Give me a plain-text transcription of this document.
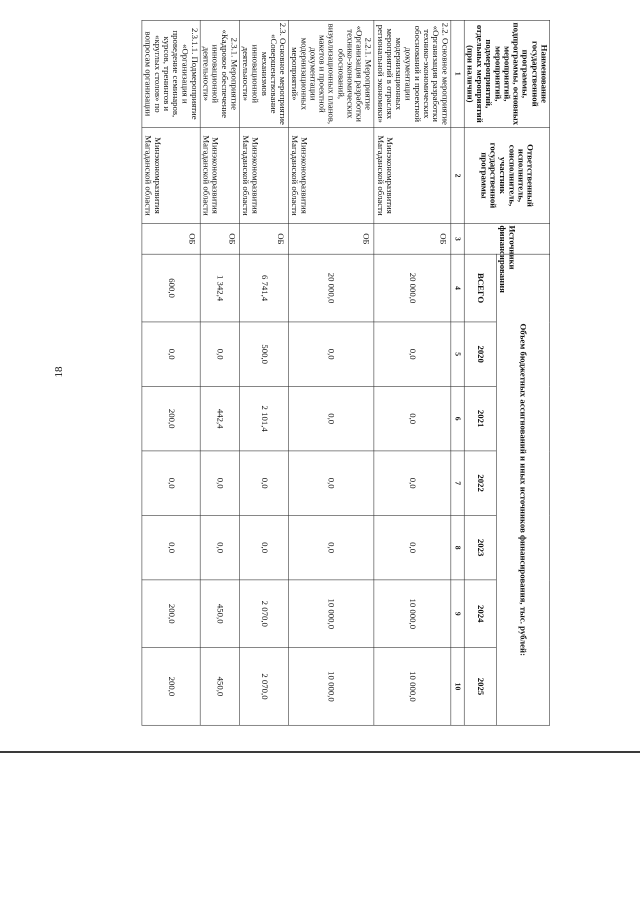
18
Наименование государственной программы, подпрограммы, основных мероприятий, мероприятий, подмероприятий, отдельных мероприятий (при наличии)	Ответственный исполнитель, соисполнитель, участник государственной программы	Источники финансирования	Объем бюджетных ассигнований и иных источников финансирования, тыс. рублей:						
			ВСЕГО	2020	2021	2022	2023	2024	2025
1	2	3	4	5	6	7	8	9	10
2.2. Основное мероприятие «Организация разработки технико-экономических обоснований и проектной документации модернизационных мероприятий в отраслях региональной экономики»	Минэкономразвития Магаданской области	ОБ	20 000,0	0,0	0,0	0,0	0,0	10 000,0	10 000,0
2.2.1. Мероприятие «Организация разработки технико-экономических обоснований, визуализационных планов, макетов и проектной документации модернизационных мероприятий»	Минэкономразвития Магаданской области	ОБ	20 000,0	0,0	0,0	0,0	0,0	10 000,0	10 000,0
2.3. Основное мероприятие «Совершенствование механизмов инновационной деятельности»	Минэкономразвития Магаданской области	ОБ	6 741,4	500,0	2 101,4	0,0	0,0	2 070,0	2 070,0
2.3.1. Мероприятие «Кадровое обеспечение инновационной деятельности»	Минэкономразвития Магаданской области	ОБ	1 342,4	0,0	442,4	0,0	0,0	450,0	450,0
2.3.1.1. Подмероприятие «Организация и проведение семинаров, курсов, тренингов и «круглых столов» по вопросам организации	Минэкономразвития Магаданской области	ОБ	600,0	0,0	200,0	0,0	0,0	200,0	200,0
